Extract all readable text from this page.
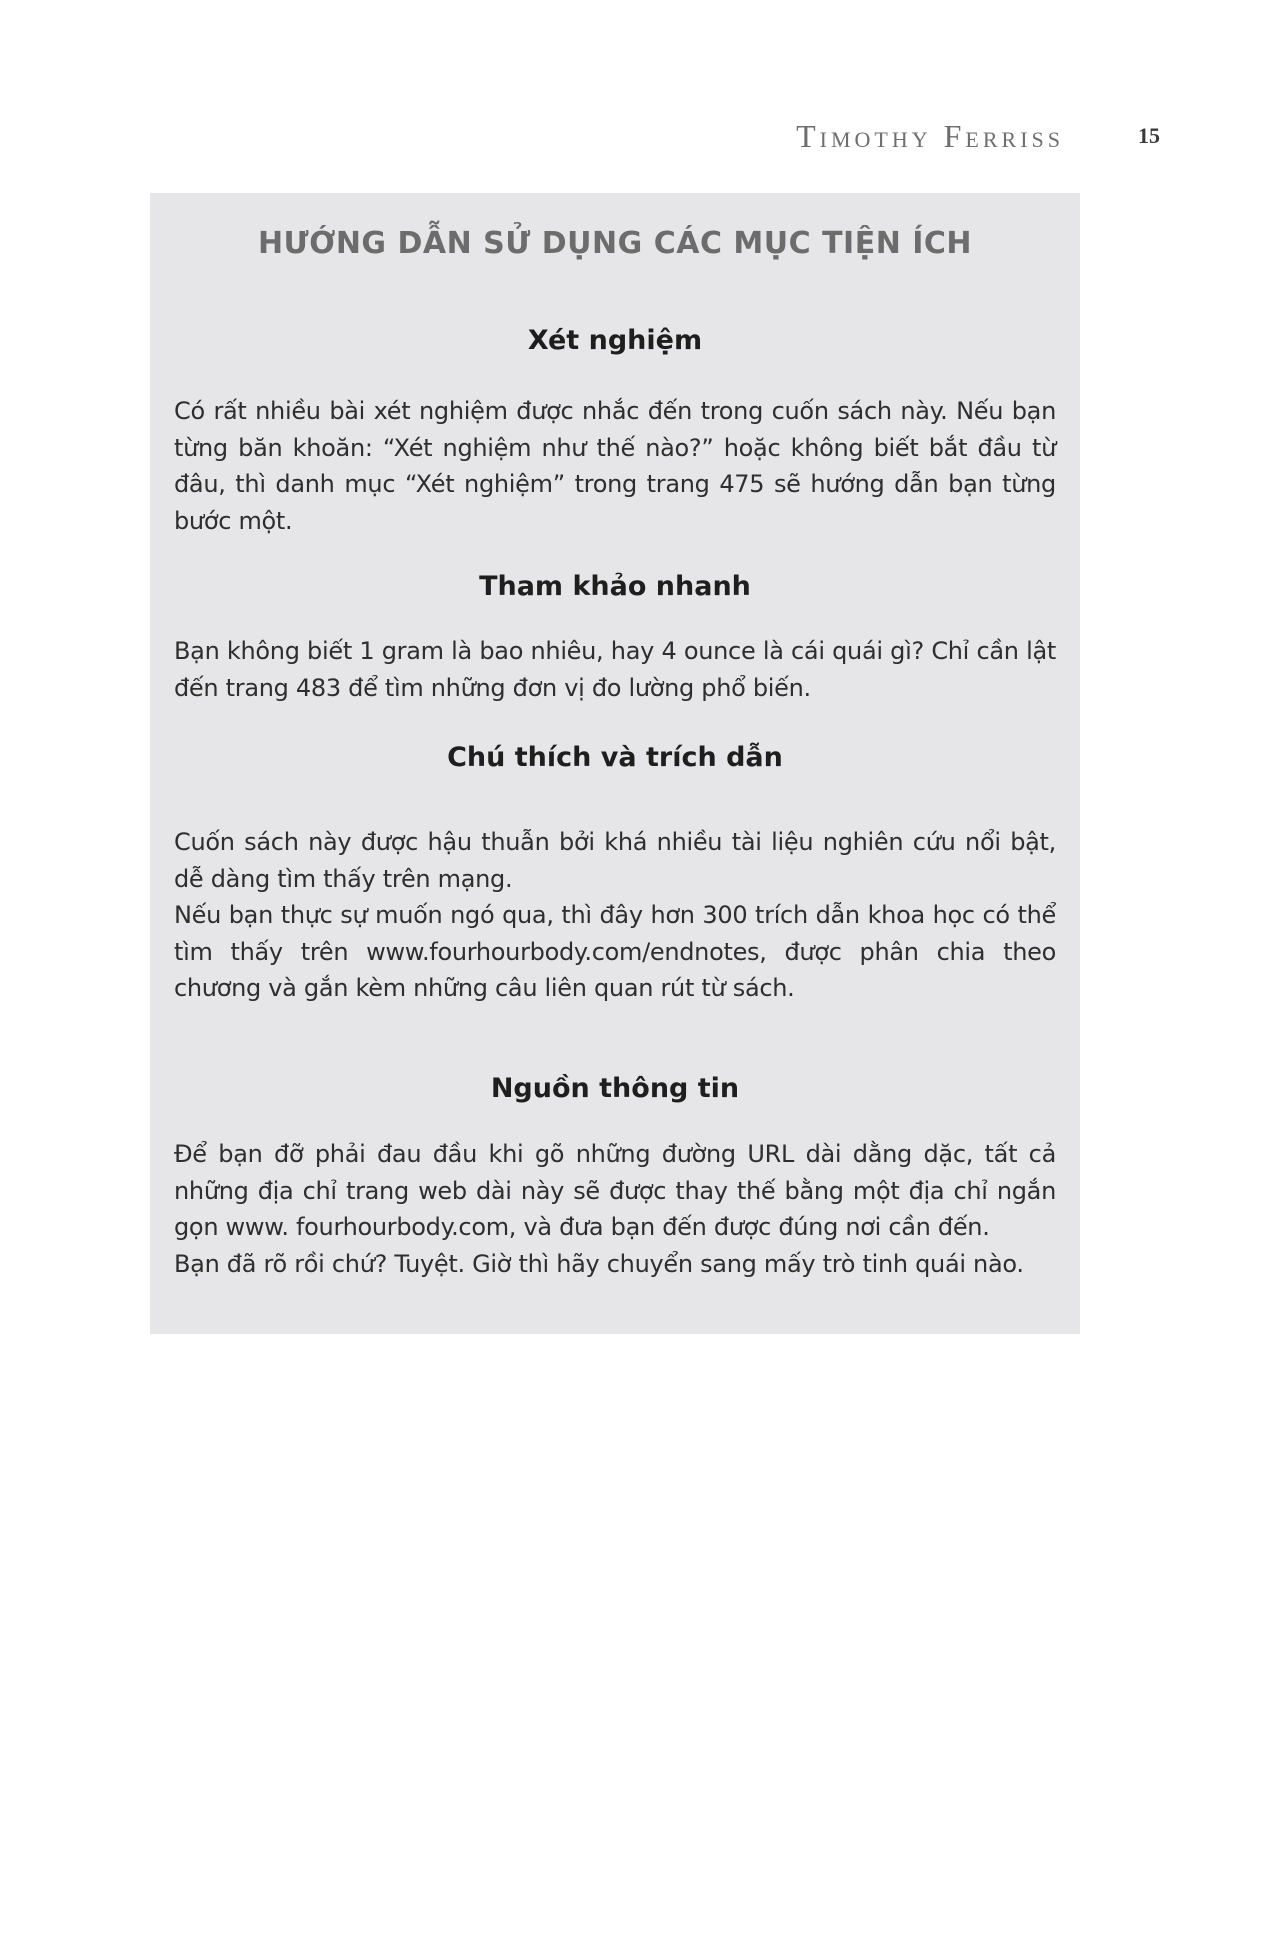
Timothy Ferriss	15
HƯỚNG DẪN SỬ DỤNG CÁC MỤC TIỆN ÍCH
Xét nghiệm

Có rất nhiều bài xét nghiệm được nhắc đến trong cuốn sách này. Nếu bạn từng băn khoăn: “Xét nghiệm như thế nào?” hoặc không biết bắt đầu từ đâu, thì danh mục “Xét nghiệm” trong trang 475 sẽ hướng dẫn bạn từng bước một.

Tham khảo nhanh

Bạn không biết 1 gram là bao nhiêu, hay 4 ounce là cái quái gì? Chỉ cần lật đến trang 483 để tìm những đơn vị đo lường phổ biến.

Chú thích và trích dẫn

Cuốn sách này được hậu thuẫn bởi khá nhiều tài liệu nghiên cứu nổi bật, dễ dàng tìm thấy trên mạng.

Nếu bạn thực sự muốn ngó qua, thì đây hơn 300 trích dẫn khoa học có thể tìm thấy trên www.fourhourbody.com/endnotes, được phân chia theo chương và gắn kèm những câu liên quan rút từ sách.

Nguồn thông tin

Để bạn đỡ phải đau đầu khi gõ những đường URL dài dằng dặc, tất cả những địa chỉ trang web dài này sẽ được thay thế bằng một địa chỉ ngắn gọn www. fourhourbody.com, và đưa bạn đến được đúng nơi cần đến.

Bạn đã rõ rồi chứ? Tuyệt. Giờ thì hãy chuyển sang mấy trò tinh quái nào.
